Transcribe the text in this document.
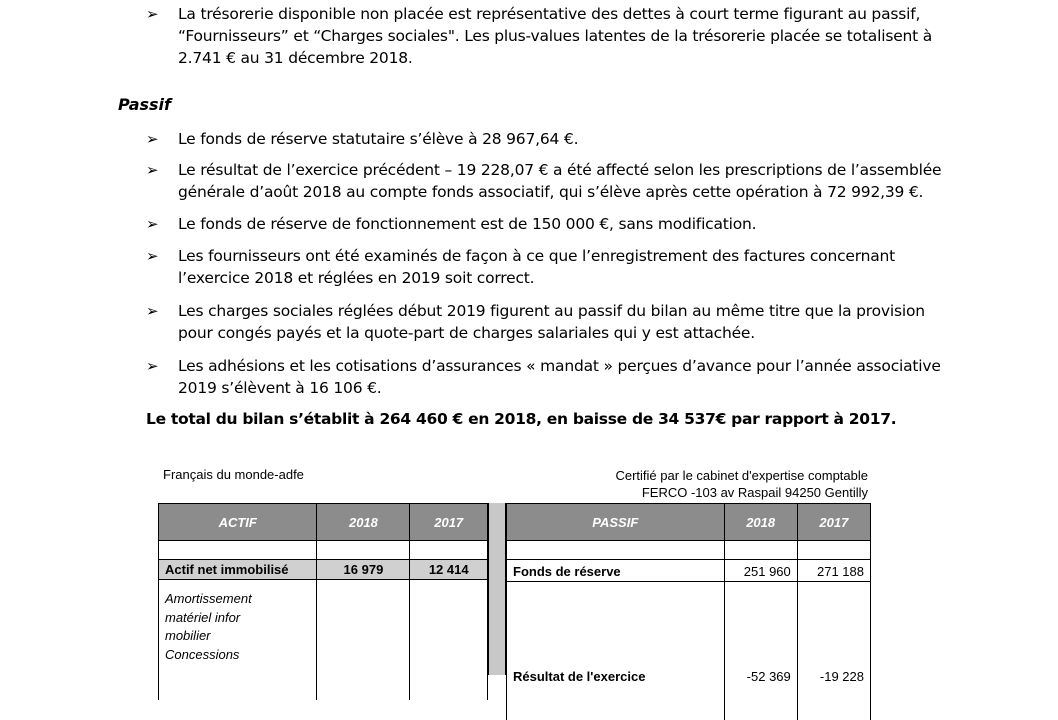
➢	La trésorerie disponible non placée est représentative des dettes à court terme figurant au passif,
“Fournisseurs” et “Charges sociales". Les plus-values latentes de la trésorerie placée se totalisent à
2.741 € au 31 décembre 2018.
Passif
➢	Le fonds de réserve statutaire s’élève à 28 967,64 €.
➢	Le résultat de l’exercice précédent – 19 228,07 € a été affecté selon les prescriptions de l’assemblée
générale d’août 2018 au compte fonds associatif, qui s’élève après cette opération à 72 992,39 €.
➢	Le fonds de réserve de fonctionnement est de 150 000 €, sans modification.
➢	Les fournisseurs ont été examinés de façon à ce que l’enregistrement des factures concernant
l’exercice 2018 et réglées en 2019 soit correct.
➢	Les charges sociales réglées début 2019 figurent au passif du bilan au même titre que la provision
pour congés payés et la quote-part de charges salariales qui y est attachée.
➢	Les adhésions et les cotisations d’assurances « mandat » perçues d’avance pour l’année associative
2019 s’élèvent à 16 106 €.
Le total du bilan s’établit à 264 460 € en 2018, en baisse de 34 537€ par rapport à 2017.
Français du monde-adfe	Certifié par le cabinet d'expertise comptable
FERCO -103 av Raspail 94250 Gentilly
ACTIF	2018	2017

Actif net immobilisé	16 979	12 414
Amortissement
matériel infor
mobilier
Concessions		
PASSIF	2018	2017

Fonds de réserve	251 960	271 188
Résultat de l'exercice	-52 369	-19 228
